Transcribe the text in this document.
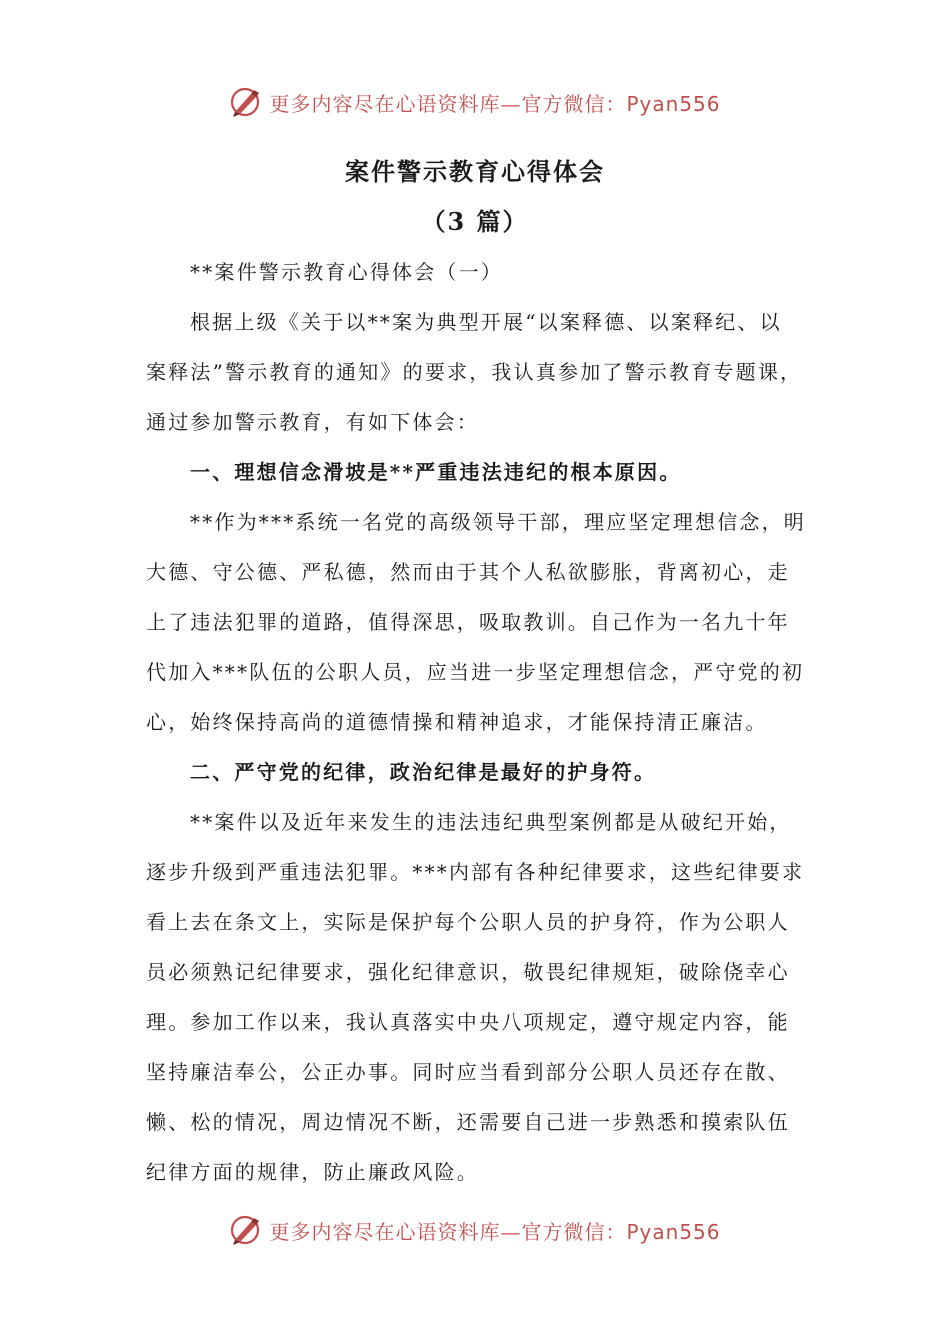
更多内容尽在心语资料库—官方微信：Pyan556
案件警示教育心得体会
（3 篇）
**案件警示教育心得体会（一）
根据上级《关于以**案为典型开展“以案释德、以案释纪、以
案释法”警示教育的通知》的要求，我认真参加了警示教育专题课，
通过参加警示教育，有如下体会：
一、理想信念滑坡是**严重违法违纪的根本原因。
**作为***系统一名党的高级领导干部，理应坚定理想信念，明
大德、守公德、严私德，然而由于其个人私欲膨胀，背离初心，走
上了违法犯罪的道路，值得深思，吸取教训。自己作为一名九十年
代加入***队伍的公职人员，应当进一步坚定理想信念，严守党的初
心，始终保持高尚的道德情操和精神追求，才能保持清正廉洁。
二、严守党的纪律，政治纪律是最好的护身符。
**案件以及近年来发生的违法违纪典型案例都是从破纪开始，
逐步升级到严重违法犯罪。***内部有各种纪律要求，这些纪律要求
看上去在条文上，实际是保护每个公职人员的护身符，作为公职人
员必须熟记纪律要求，强化纪律意识，敬畏纪律规矩，破除侥幸心
理。参加工作以来，我认真落实中央八项规定，遵守规定内容，能
坚持廉洁奉公，公正办事。同时应当看到部分公职人员还存在散、
懒、松的情况，周边情况不断，还需要自己进一步熟悉和摸索队伍
纪律方面的规律，防止廉政风险。
更多内容尽在心语资料库—官方微信：Pyan556
